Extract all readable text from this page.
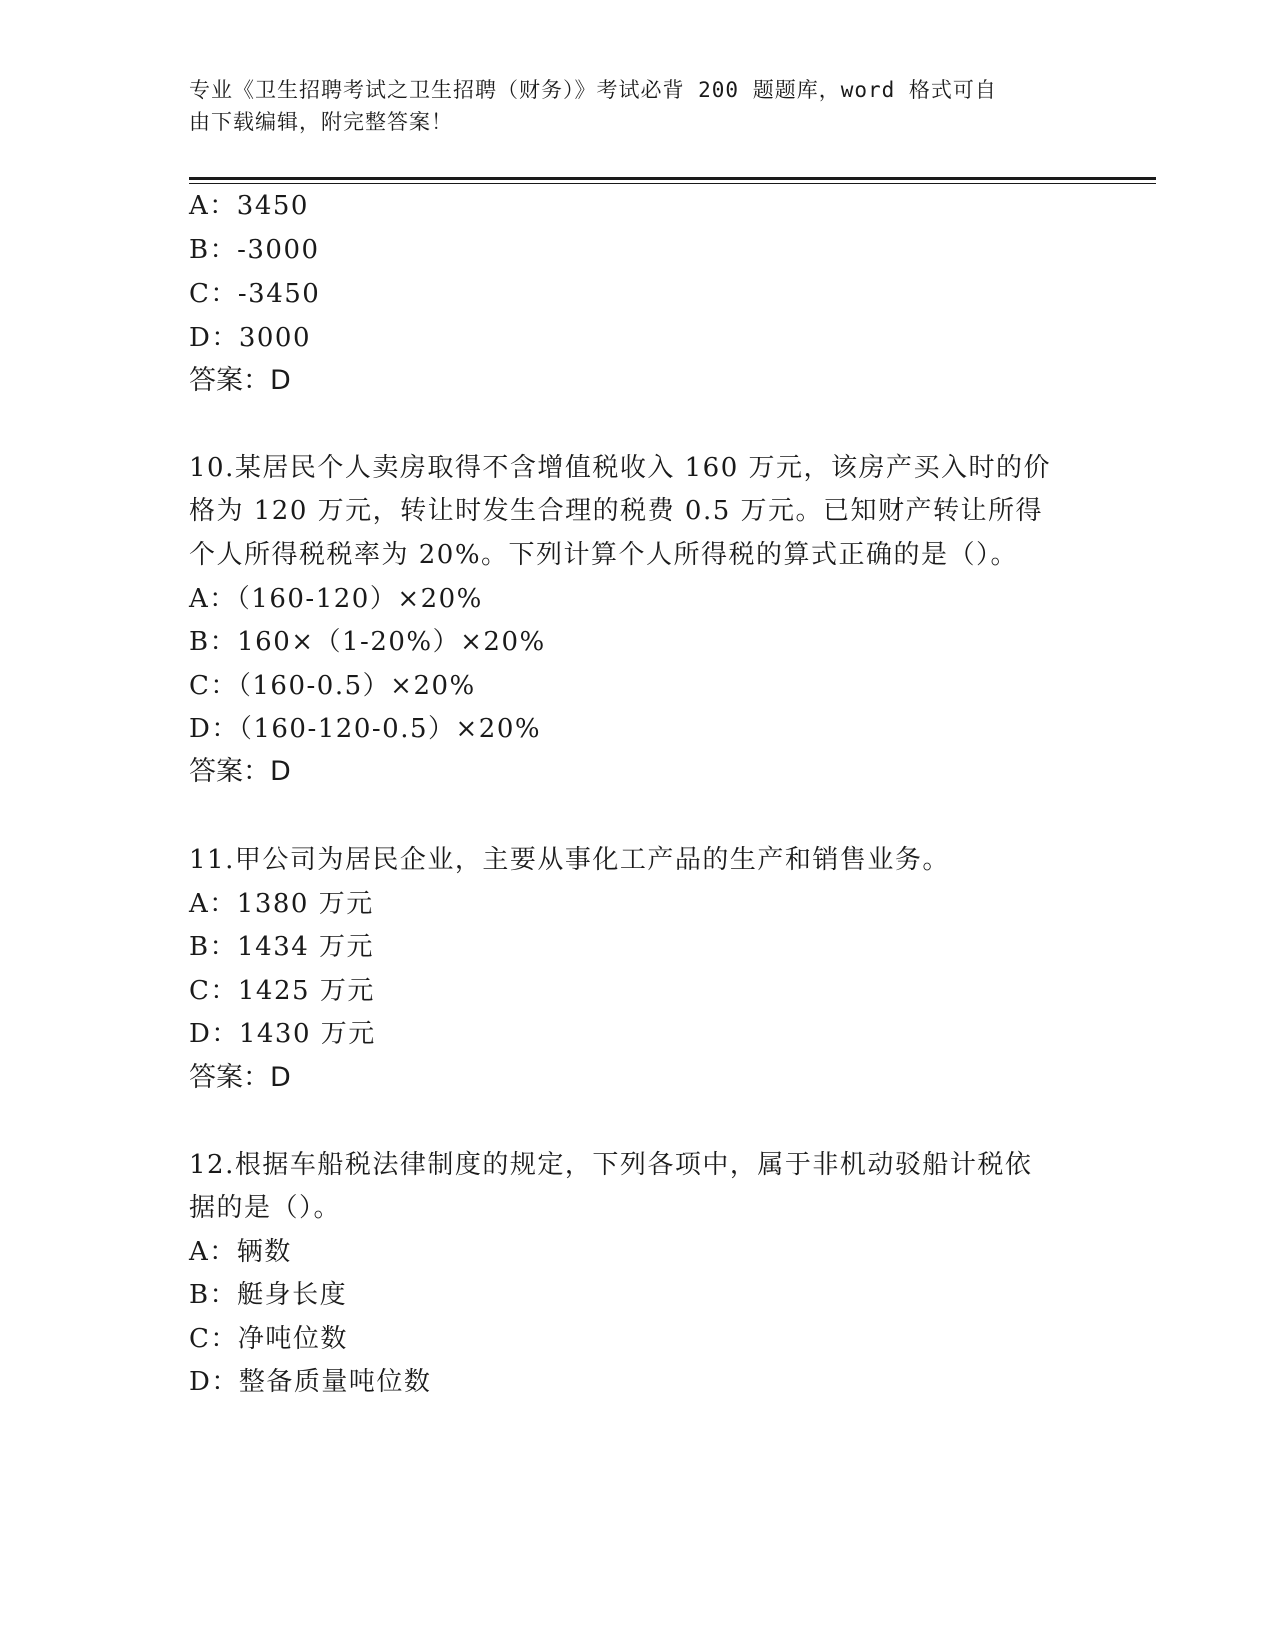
专业《卫生招聘考试之卫生招聘（财务）》考试必背 200 题题库，word 格式可自
由下载编辑，附完整答案！
A：3450
B：-3000
C：-3450
D：3000
答案：D
10.某居民个人卖房取得不含增值税收入 160 万元，该房产买入时的价
格为 120 万元，转让时发生合理的税费 0.5 万元。已知财产转让所得
个人所得税税率为 20%。下列计算个人所得税的算式正确的是（）。
A：（160-120）×20%
B：160×（1-20%）×20%
C：（160-0.5）×20%
D：（160-120-0.5）×20%
答案：D
11.甲公司为居民企业，主要从事化工产品的生产和销售业务。
A：1380 万元
B：1434 万元
C：1425 万元
D：1430 万元
答案：D
12.根据车船税法律制度的规定，下列各项中，属于非机动驳船计税依
据的是（）。
A：辆数
B：艇身长度
C：净吨位数
D：整备质量吨位数
